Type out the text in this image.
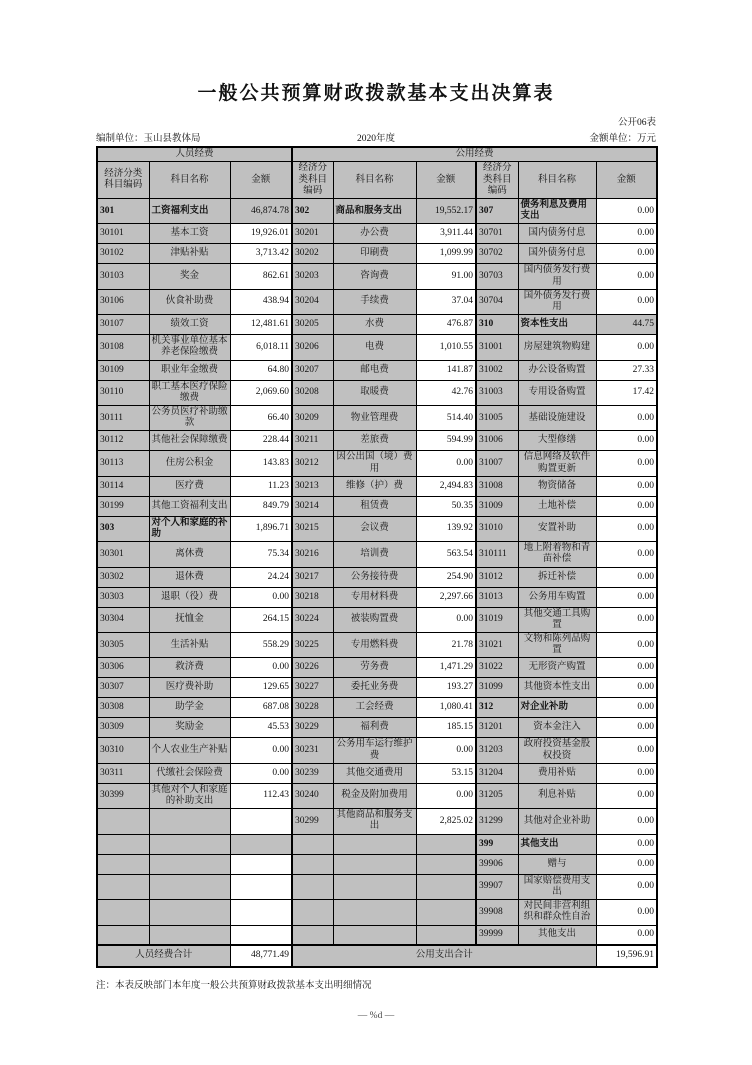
一般公共预算财政拨款基本支出决算表
公开06表
编制单位：玉山县教体局	2020年度	金额单位：万元
人员经费			公用经费					
经济分类科目编码	科目名称	金额	经济分类科目编码	科目名称	金额	经济分类科目编码	科目名称	金额
301	工资福利支出	46,874.78	302	商品和服务支出	19,552.17	307	债务利息及费用支出	0.00
30101	基本工资	19,926.01	30201	办公费	3,911.44	30701	国内债务付息	0.00
30102	津贴补贴	3,713.42	30202	印刷费	1,099.99	30702	国外债务付息	0.00
30103	奖金	862.61	30203	咨询费	91.00	30703	国内债务发行费用	0.00
30106	伙食补助费	438.94	30204	手续费	37.04	30704	国外债务发行费用	0.00
30107	绩效工资	12,481.61	30205	水费	476.87	310	资本性支出	44.75
30108	机关事业单位基本养老保险缴费	6,018.11	30206	电费	1,010.55	31001	房屋建筑物购建	0.00
30109	职业年金缴费	64.80	30207	邮电费	141.87	31002	办公设备购置	27.33
30110	职工基本医疗保险缴费	2,069.60	30208	取暖费	42.76	31003	专用设备购置	17.42
30111	公务员医疗补助缴款	66.40	30209	物业管理费	514.40	31005	基础设施建设	0.00
30112	其他社会保障缴费	228.44	30211	差旅费	594.99	31006	大型修缮	0.00
30113	住房公积金	143.83	30212	因公出国（境）费用	0.00	31007	信息网络及软件购置更新	0.00
30114	医疗费	11.23	30213	维修（护）费	2,494.83	31008	物资储备	0.00
30199	其他工资福利支出	849.79	30214	租赁费	50.35	31009	土地补偿	0.00
303	对个人和家庭的补助	1,896.71	30215	会议费	139.92	31010	安置补助	0.00
30301	离休费	75.34	30216	培训费	563.54	310111	地上附着物和青苗补偿	0.00
30302	退休费	24.24	30217	公务接待费	254.90	31012	拆迁补偿	0.00
30303	退职（役）费	0.00	30218	专用材料费	2,297.66	31013	公务用车购置	0.00
30304	抚恤金	264.15	30224	被装购置费	0.00	31019	其他交通工具购置	0.00
30305	生活补贴	558.29	30225	专用燃料费	21.78	31021	文物和陈列品购置	0.00
30306	救济费	0.00	30226	劳务费	1,471.29	31022	无形资产购置	0.00
30307	医疗费补助	129.65	30227	委托业务费	193.27	31099	其他资本性支出	0.00
30308	助学金	687.08	30228	工会经费	1,080.41	312	对企业补助	0.00
30309	奖励金	45.53	30229	福利费	185.15	31201	资本金注入	0.00
30310	个人农业生产补贴	0.00	30231	公务用车运行维护费	0.00	31203	政府投资基金股权投资	0.00
30311	代缴社会保险费	0.00	30239	其他交通费用	53.15	31204	费用补贴	0.00
30399	其他对个人和家庭的补助支出	112.43	30240	税金及附加费用	0.00	31205	利息补贴	0.00
			30299	其他商品和服务支出	2,825.02	31299	其他对企业补助	0.00
						399	其他支出	0.00
						39906	赠与	0.00
						39907	国家赔偿费用支出	0.00
						39908	对民间非营利组织和群众性自治	0.00
						39999	其他支出	0.00
人员经费合计		48,771.49	公用支出合计					19,596.91
注：本表反映部门本年度一般公共预算财政拨款基本支出明细情况
— %d —
